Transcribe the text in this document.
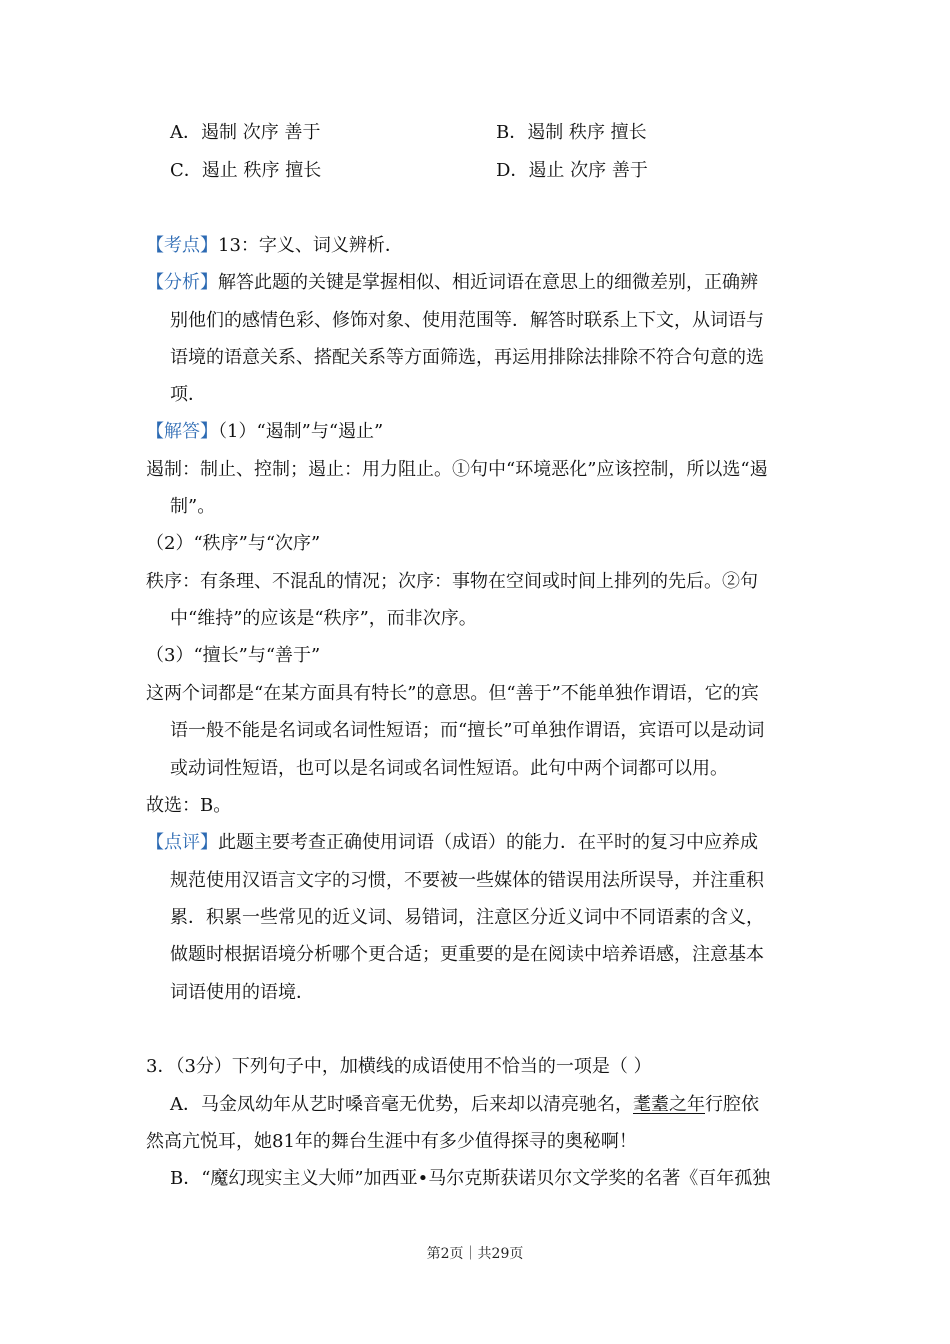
A．遏制 次序 善于	B．遏制 秩序 擅长
C．遏止 秩序 擅长	D．遏止 次序 善于
【考点】13：字义、词义辨析．
【分析】解答此题的关键是掌握相似、相近词语在意思上的细微差别，正确辨
别他们的感情色彩、修饰对象、使用范围等．解答时联系上下文，从词语与
语境的语意关系、搭配关系等方面筛选，再运用排除法排除不符合句意的选
项．
【解答】（1）“遏制”与“遏止”
遏制：制止、控制；遏止：用力阻止。①句中“环境恶化”应该控制，所以选“遏
制”。
（2）“秩序”与“次序”
秩序：有条理、不混乱的情况；次序：事物在空间或时间上排列的先后。②句
中“维持”的应该是“秩序”，而非次序。
（3）“擅长”与“善于”
这两个词都是“在某方面具有特长”的意思。但“善于”不能单独作谓语，它的宾
语一般不能是名词或名词性短语；而“擅长”可单独作谓语，宾语可以是动词
或动词性短语，也可以是名词或名词性短语。此句中两个词都可以用。
故选：B。
【点评】此题主要考查正确使用词语（成语）的能力．在平时的复习中应养成
规范使用汉语言文字的习惯，不要被一些媒体的错误用法所误导，并注重积
累．积累一些常见的近义词、易错词，注意区分近义词中不同语素的含义，
做题时根据语境分析哪个更合适；更重要的是在阅读中培养语感，注意基本
词语使用的语境．
3．（3分）下列句子中，加横线的成语使用不恰当的一项是（ ）
A．马金凤幼年从艺时嗓音毫无优势，后来却以清亮驰名，耄耋之年行腔依
然高亢悦耳，她81年的舞台生涯中有多少值得探寻的奥秘啊！
B．“魔幻现实主义大师”加西亚•马尔克斯获诺贝尔文学奖的名著《百年孤独
第2页｜共29页
